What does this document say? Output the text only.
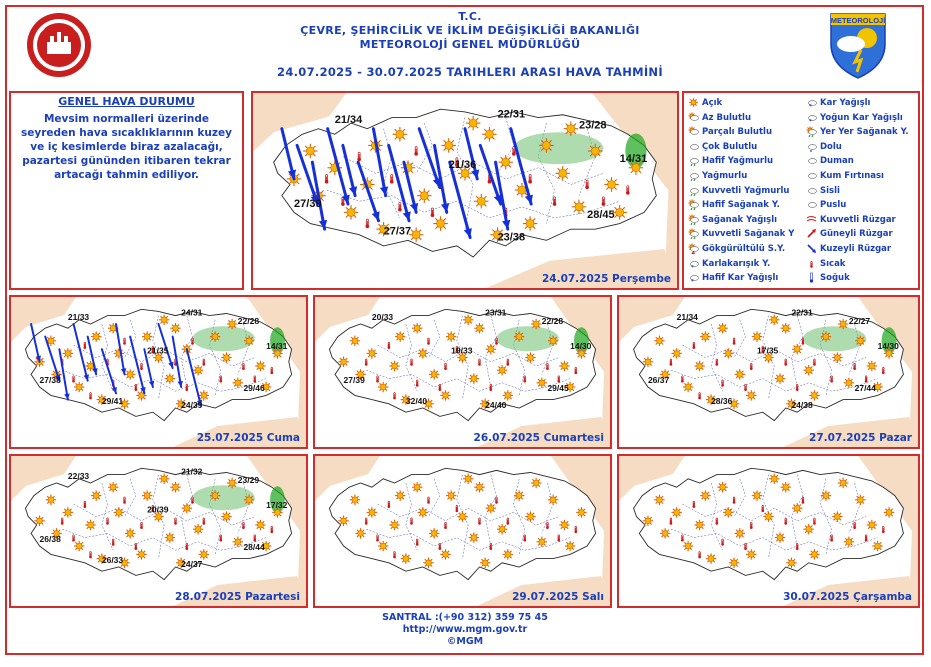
METEOROLOJİ
T.C.
ÇEVRE, ŞEHİRCİLİK VE İKLİM DEĞİŞİKLİĞİ BAKANLIĞI
METEOROLOJİ GENEL MÜDÜRLÜĞÜ
24.07.2025 - 30.07.2025 TARIHLERI ARASI HAVA TAHMİNİ
GENEL HAVA DURUMU
Mevsim normalleri üzerinde seyreden hava sıcaklıklarının kuzey ve iç kesimlerde biraz azalacağı, pazartesi gününden itibaren tekrar artacağı tahmin ediliyor.
21/34	22/31
23/28
14/31
21/36
27/39
27/37	23/38
28/45
24.07.2025 Perşembe
Açık
Az Bulutlu
Parçalı Bulutlu
Çok Bulutlu
Hafif Yağmurlu
Yağmurlu
Kuvvetli Yağmurlu
Hafif Sağanak Y.
Sağanak Yağışlı
Kuvvetli Sağanak Y
Gökgürültülü S.Y.
* Karlakarışık Y.
* Hafif Kar Yağışlı
* Kar Yağışlı
* Yoğun Kar Yağışlı
Yer Yer Sağanak Y.
Dolu
Duman
Kum Fırtınası
Sisli
Puslu
Kuvvetli Rüzgar
Güneyli Rüzgar
Kuzeyli Rüzgar
Sıcak
Soğuk
21/33	24/31
22/28
14/31
21/35
27/38
29/41	24/39
29/46
25.07.2025 Cuma
20/33	23/31
22/28
14/30
19/33
27/39
32/40	24/40
29/45
26.07.2025 Cumartesi
21/34	22/31
22/27
14/30
17/35
26/37
28/36	24/38
27/44
27.07.2025 Pazar
22/33	21/32
23/29
17/32
20/39
26/38
26/33	24/37
28/44
28.07.2025 Pazartesi	29.07.2025 Salı	30.07.2025 Çarşamba
SANTRAL :(+90 312) 359 75 45
http://www.mgm.gov.tr
©MGM
